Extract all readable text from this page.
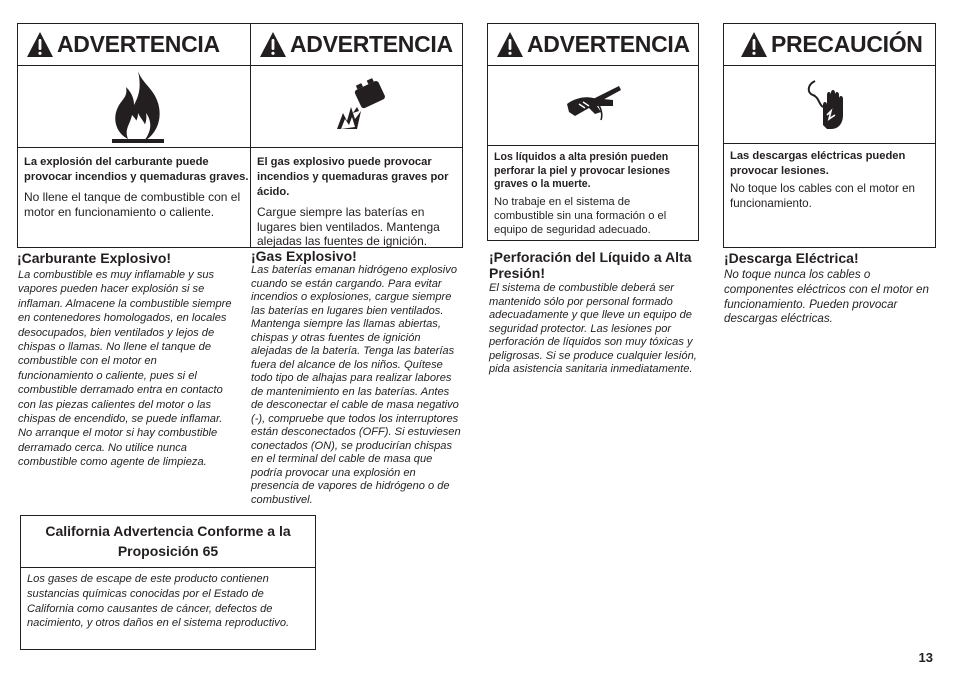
ADVERTENCIA
La explosión del carburante puede provocar incendios y quemaduras graves.
No llene el tanque de combustible con el motor en funcionamiento o caliente.
¡Carburante Explosivo!
La combustible es muy inflamable y sus vapores pueden hacer explosión si se inflaman. Almacene la combustible siempre en contenedores homologados, en locales desocupados, bien ventilados y lejos de chispas o llamas. No llene el tanque de combustible con el motor en funcionamiento o caliente, pues si el combustible derramado entra en contacto con las piezas calientes del motor o las chispas de encendido, se puede inflamar. No arranque el motor si hay combustible derramado cerca. No utilice nunca combustible como agente de limpieza.
ADVERTENCIA
El gas explosivo puede provocar incendios y quemaduras graves por ácido.
Cargue siempre las baterías en lugares bien ventilados. Mantenga alejadas las fuentes de ignición.
¡Gas Explosivo!
Las baterías emanan hidrógeno explosivo cuando se están cargando. Para evitar incendios o explosiones, cargue siempre las baterías en lugares bien ventilados. Mantenga siempre las llamas abiertas, chispas y otras fuentes de ignición alejadas de la batería. Tenga las baterías fuera del alcance de los niños. Quítese todo tipo de alhajas para realizar labores de mantenimiento en las baterías. Antes de desconectar el cable de masa negativo (-), compruebe que todos los interruptores están desconectados (OFF). Si estuviesen conectados (ON), se producirían chispas en el terminal del cable de masa que podría provocar una explosión en presencia de vapores de hidrógeno o de combustivel.
ADVERTENCIA
Los líquidos a alta presión pueden perforar la piel y provocar lesiones graves o la muerte.
No trabaje en el sistema de combustible sin una formación o el equipo de seguridad adecuado.
¡Perforación del Líquido a Alta Presión!
El sistema de combustible deberá ser mantenido sólo por personal formado adecuadamente y que lleve un equipo de seguridad protector. Las lesiones por perforación de líquidos son muy tóxicas y peligrosas. Si se produce cualquier lesión, pida asistencia sanitaria inmediatamente.
PRECAUCIÓN
Las descargas eléctricas pueden provocar lesiones.
No toque los cables con el motor en funcionamiento.
¡Descarga Eléctrica!
No toque nunca los cables o componentes eléctricos con el motor en funcionamiento. Pueden provocar descargas eléctricas.
California Advertencia Conforme a la Proposición 65
Los gases de escape de este producto contienen sustancias químicas conocidas por el Estado de California como causantes de cáncer, defectos de nacimiento, y otros daños en el sistema reproductivo.
13
